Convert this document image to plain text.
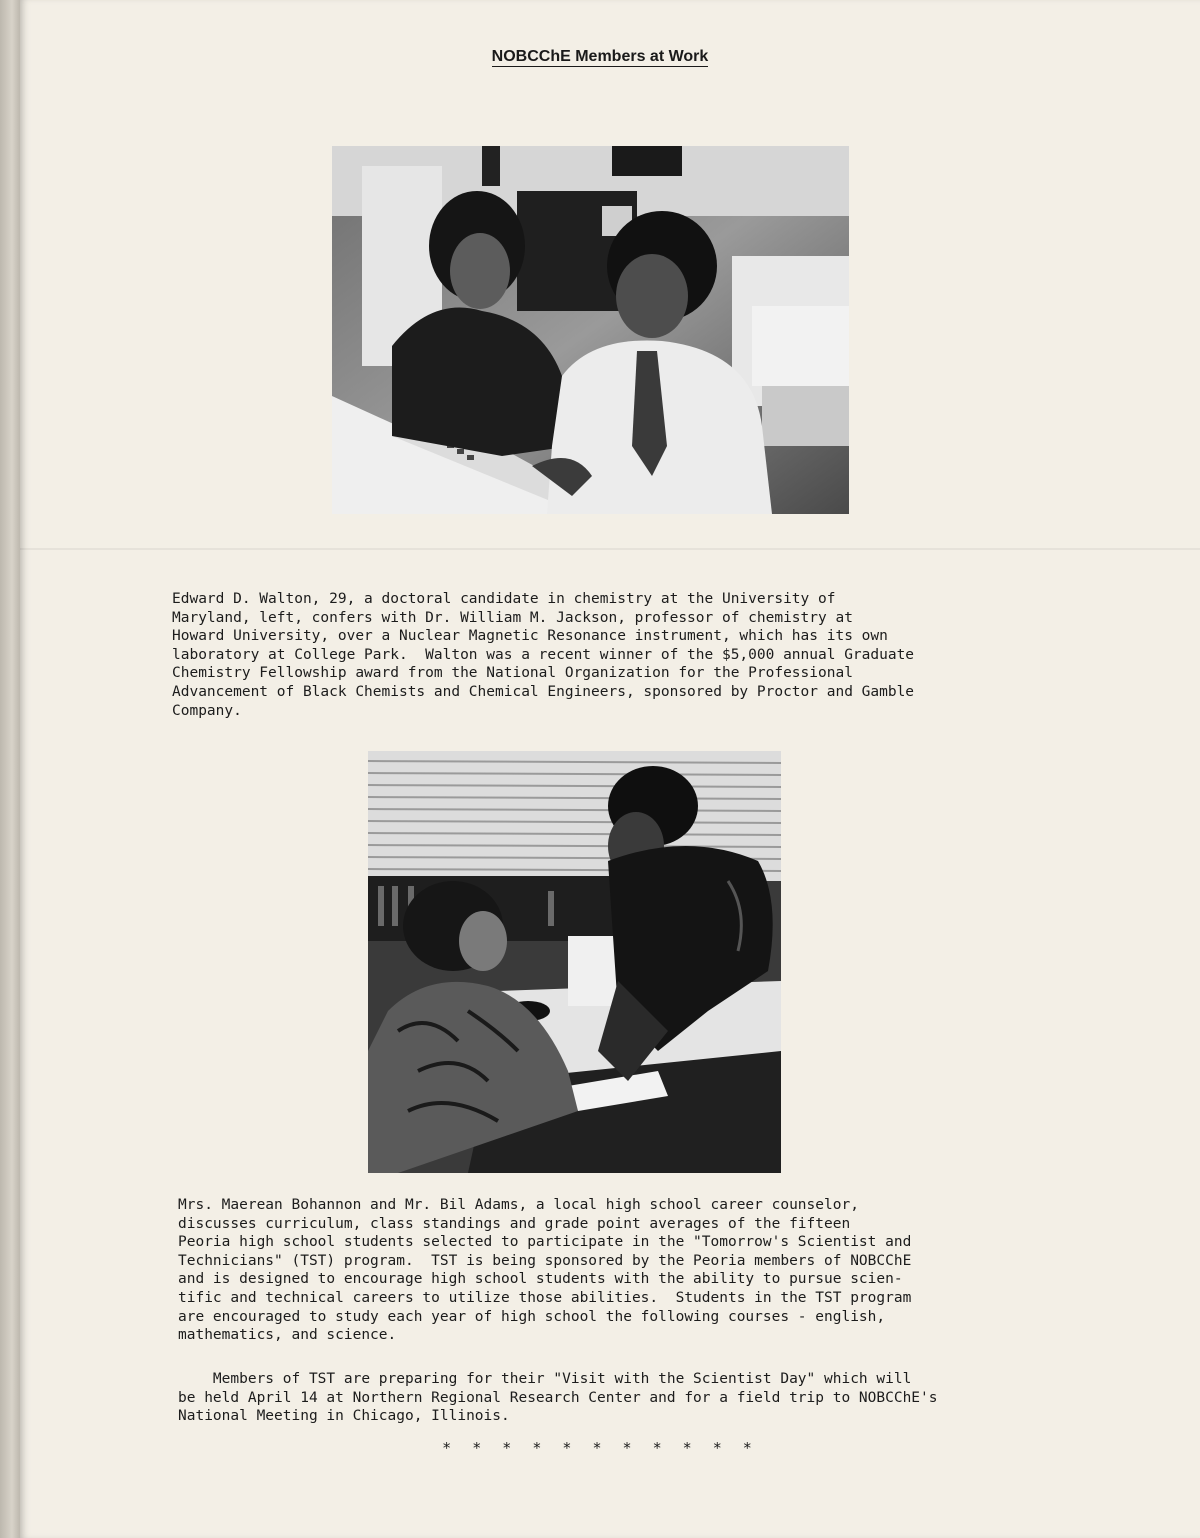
NOBCChE Members at Work
Edward D. Walton, 29, a doctoral candidate in chemistry at the University of
Maryland, left, confers with Dr. William M. Jackson, professor of chemistry at
Howard University, over a Nuclear Magnetic Resonance instrument, which has its own
laboratory at College Park.  Walton was a recent winner of the $5,000 annual Graduate
Chemistry Fellowship award from the National Organization for the Professional
Advancement of Black Chemists and Chemical Engineers, sponsored by Proctor and Gamble
Company.
Mrs. Maerean Bohannon and Mr. Bil Adams, a local high school career counselor,
discusses curriculum, class standings and grade point averages of the fifteen
Peoria high school students selected to participate in the "Tomorrow's Scientist and
Technicians" (TST) program.  TST is being sponsored by the Peoria members of NOBCChE
and is designed to encourage high school students with the ability to pursue scien-
tific and technical careers to utilize those abilities.  Students in the TST program
are encouraged to study each year of high school the following courses - english,
mathematics, and science.
Members of TST are preparing for their "Visit with the Scientist Day" which will
be held April 14 at Northern Regional Research Center and for a field trip to NOBCChE's
National Meeting in Chicago, Illinois.
* * * * * * * * * * *
